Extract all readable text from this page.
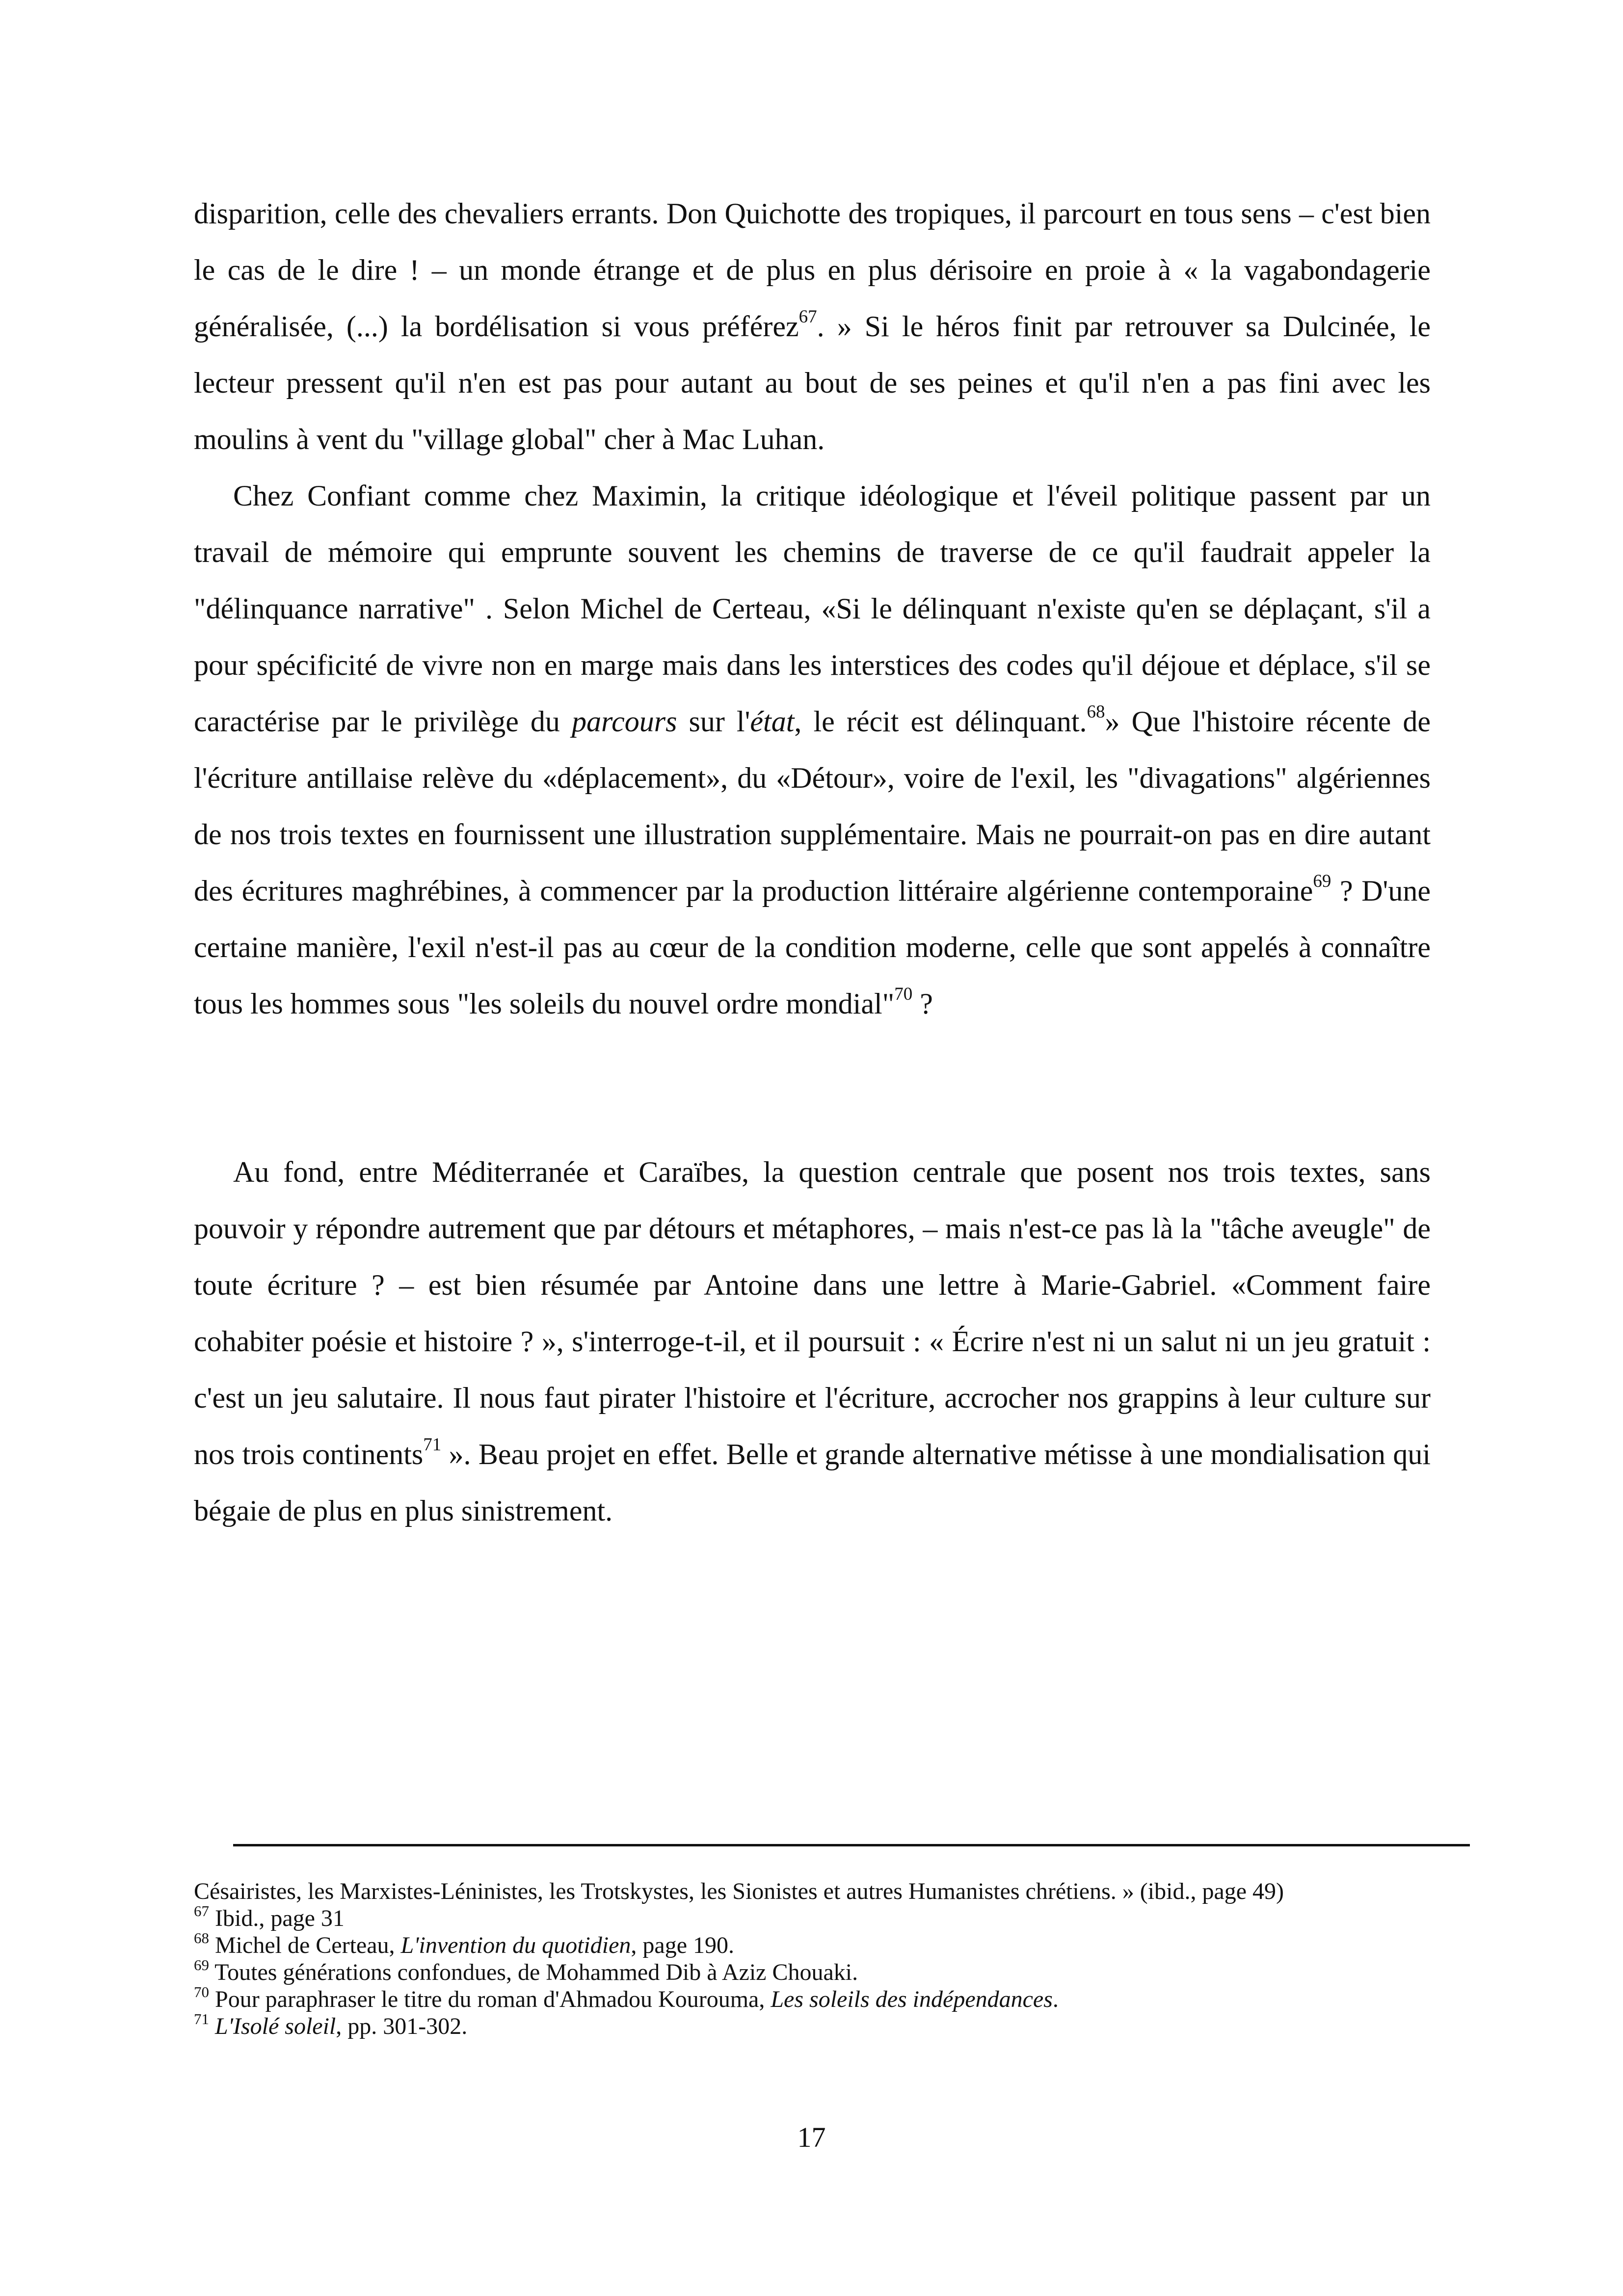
disparition, celle des chevaliers errants. Don Quichotte des tropiques, il parcourt en tous sens – c'est bien le cas de le dire ! – un monde étrange et de plus en plus dérisoire en proie à « la vagabondagerie généralisée, (...) la bordélisation si vous préférez$^{67}$. » Si le héros finit par retrouver sa Dulcinée, le lecteur pressent qu'il n'en est pas pour autant au bout de ses peines et qu'il n'en a pas fini avec les moulins à vent du "village global" cher à Mac Luhan.

Chez Confiant comme chez Maximin, la critique idéologique et l'éveil politique passent par un travail de mémoire qui emprunte souvent les chemins de traverse de ce qu'il faudrait appeler la "délinquance narrative" . Selon Michel de Certeau, «Si le délinquant n'existe qu'en se déplaçant, s'il a pour spécificité de vivre non en marge mais dans les interstices des codes qu'il déjoue et déplace, s'il se caractérise par le privilège du parcours sur l'état, le récit est délinquant.$^{68}$» Que l'histoire récente de l'écriture antillaise relève du «déplacement», du «Détour», voire de l'exil, les "divagations" algériennes de nos trois textes en fournissent une illustration supplémentaire. Mais ne pourrait-on pas en dire autant des écritures maghrébines, à commencer par la production littéraire algérienne contemporaine$^{69}$ ? D'une certaine manière, l'exil n'est-il pas au cœur de la condition moderne, celle que sont appelés à connaître tous les hommes sous "les soleils du nouvel ordre mondial"$^{70}$ ?

Au fond, entre Méditerranée et Caraïbes, la question centrale que posent nos trois textes, sans pouvoir y répondre autrement que par détours et métaphores, – mais n'est-ce pas là la "tâche aveugle" de toute écriture ? – est bien résumée par Antoine dans une lettre à Marie-Gabriel. «Comment faire cohabiter poésie et histoire ? », s'interroge-t-il, et il poursuit : « Écrire n'est ni un salut ni un jeu gratuit : c'est un jeu salutaire. Il nous faut pirater l'histoire et l'écriture, accrocher nos grappins à leur culture sur nos trois continents$^{71}$ ». Beau projet en effet. Belle et grande alternative métisse à une mondialisation qui bégaie de plus en plus sinistrement.

Césairistes, les Marxistes-Léninistes, les Trotskystes, les Sionistes et autres Humanistes chrétiens. » (ibid., page 49)

$^{67}$ Ibid., page 31

$^{68}$ Michel de Certeau, L'invention du quotidien, page 190.

$^{69}$ Toutes générations confondues, de Mohammed Dib à Aziz Chouaki.

$^{70}$ Pour paraphraser le titre du roman d'Ahmadou Kourouma, Les soleils des indépendances.

$^{71}$ L'Isolé soleil, pp. 301-302.

17
